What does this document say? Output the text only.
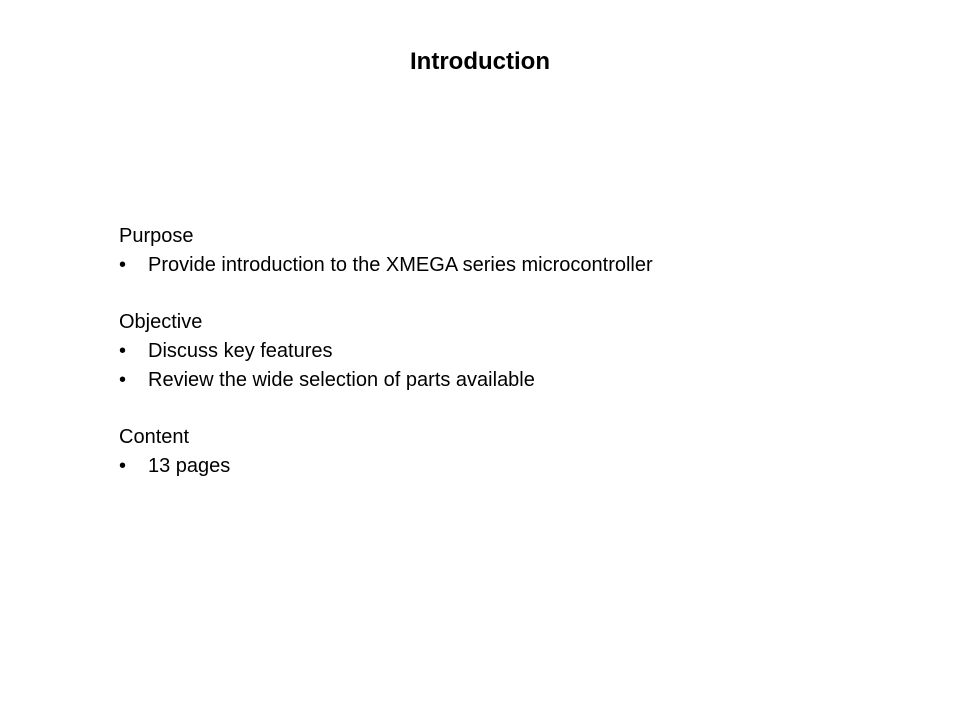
Introduction
Purpose
•	Provide introduction to the XMEGA series microcontroller
Objective
•	Discuss key features
•	Review the wide selection of parts available
Content
•	13 pages
